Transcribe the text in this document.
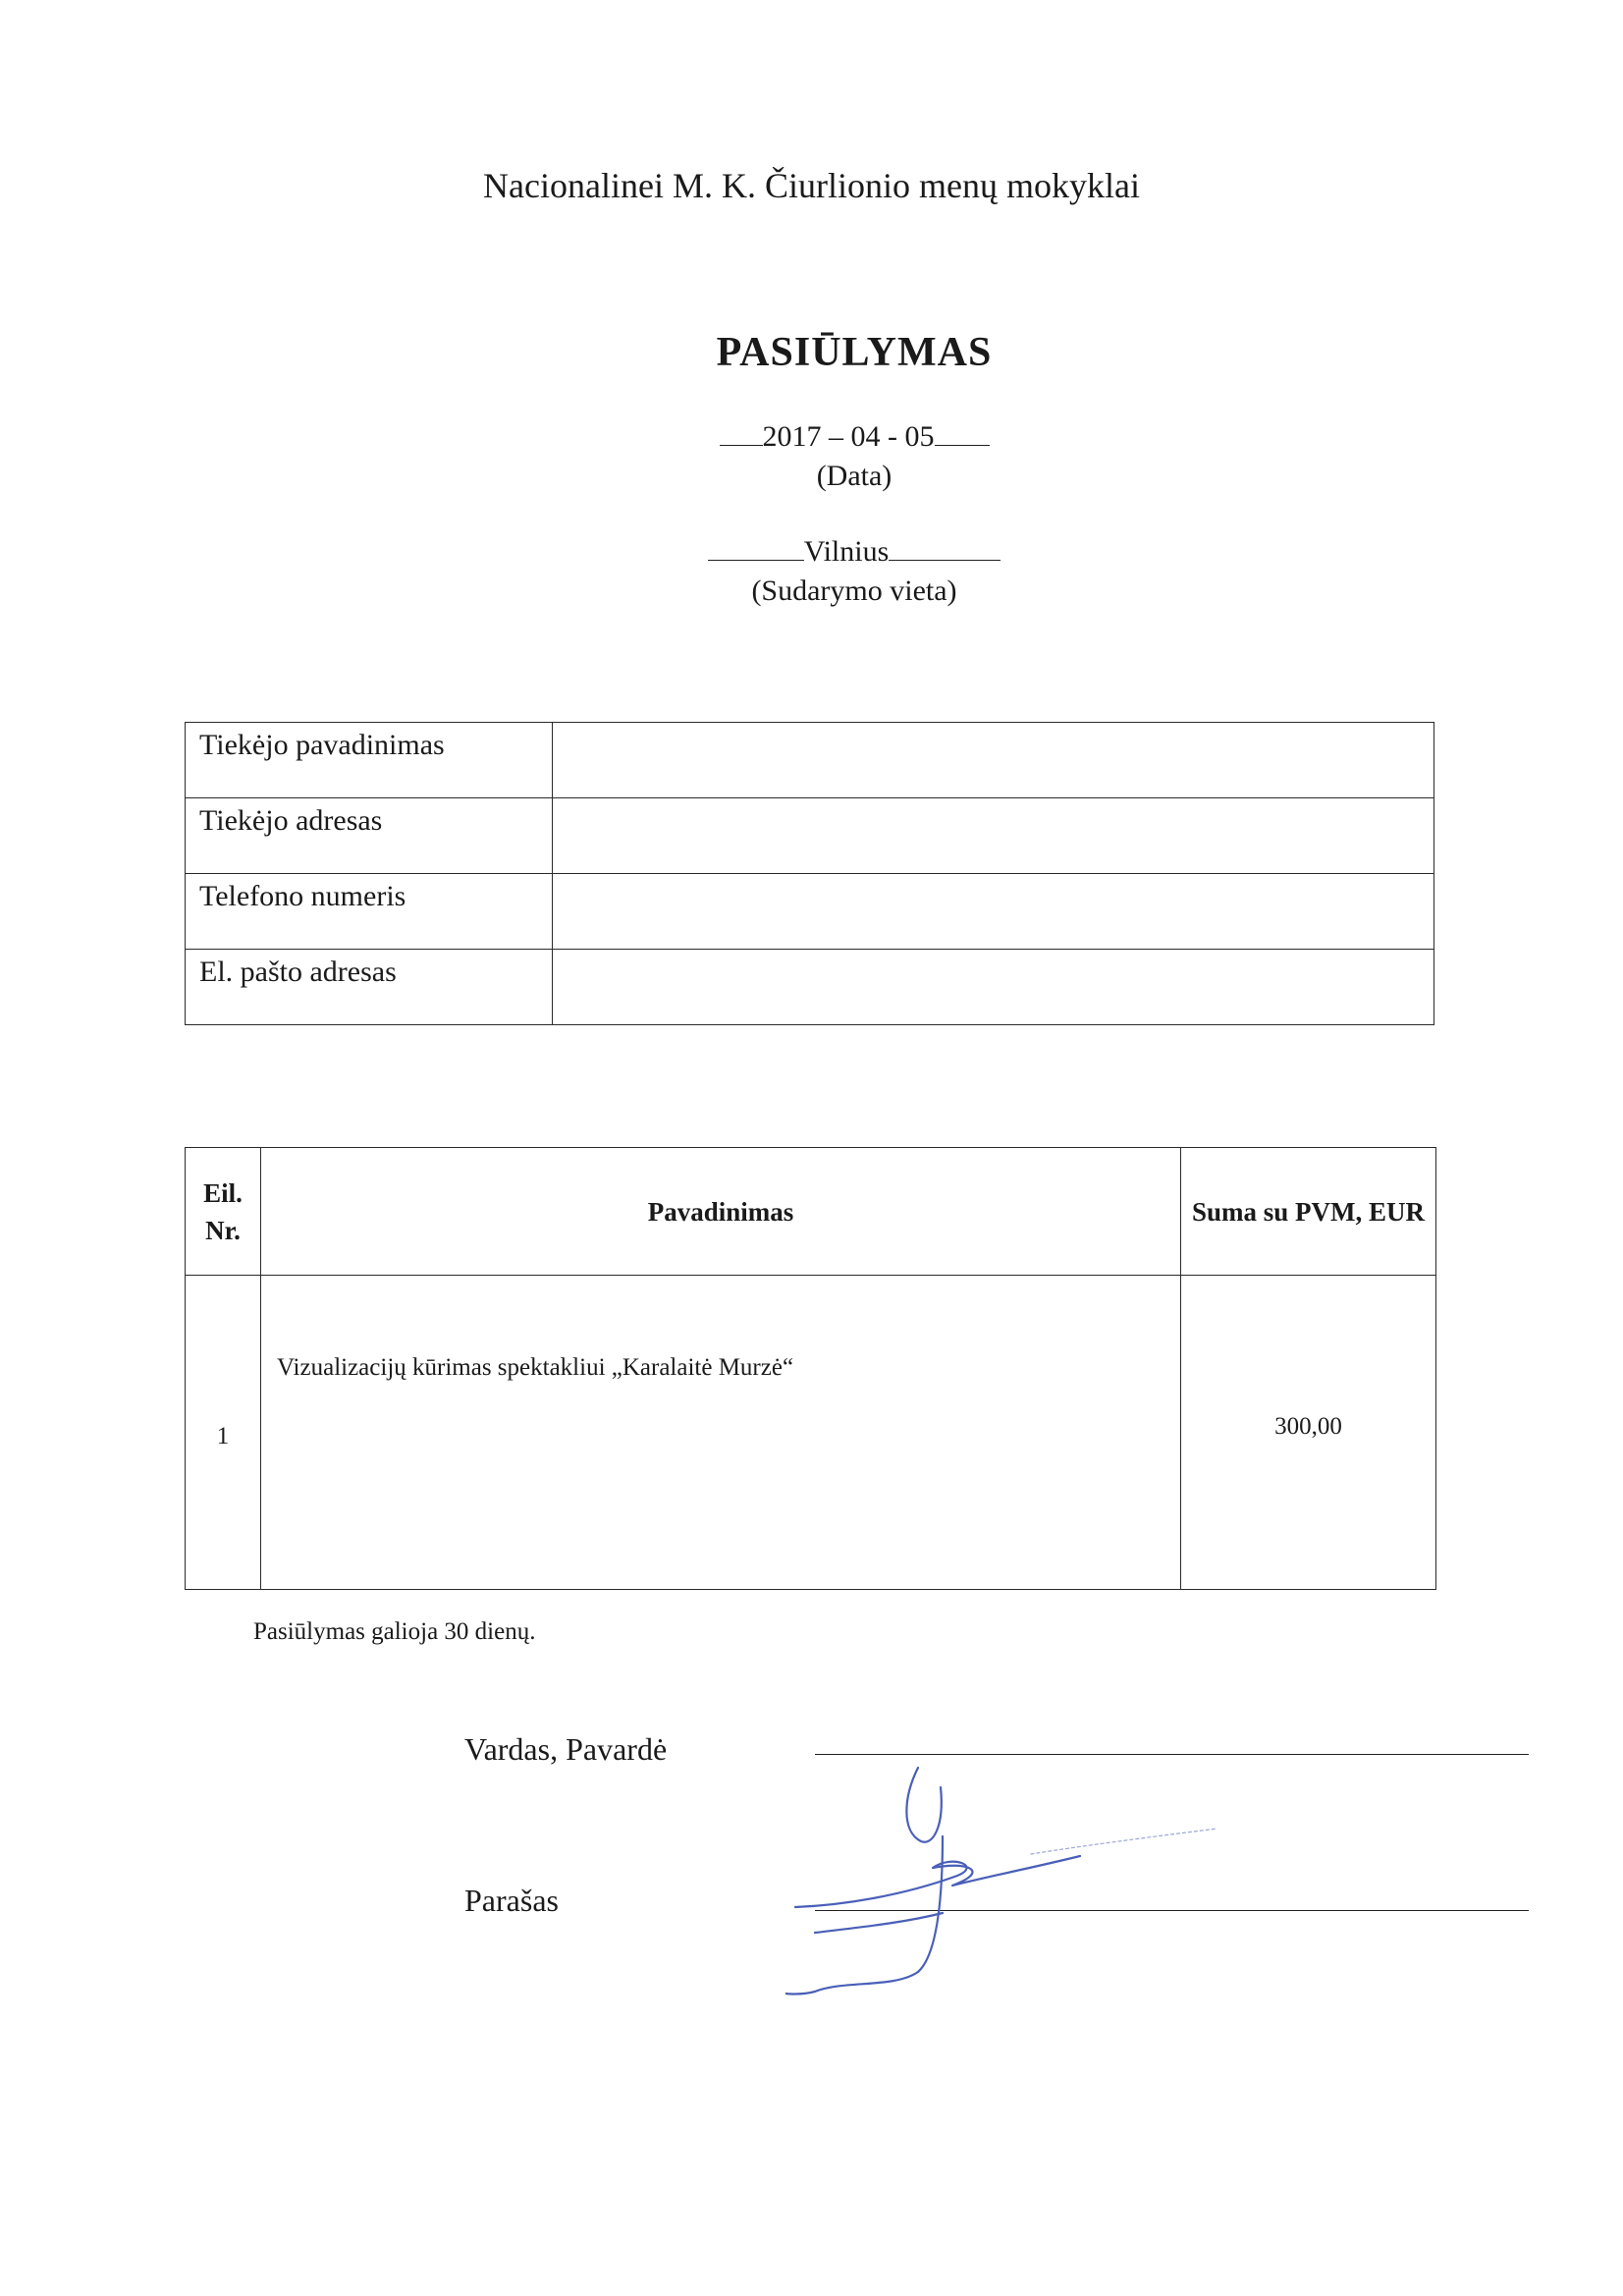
Nacionalinei M. K. Čiurlionio menų mokyklai
PASIŪLYMAS
2017 – 04 - 05
(Data)
Vilnius
(Sudarymo vieta)
Tiekėjo pavadinimas	
Tiekėjo adresas	
Telefono numeris	
El. pašto adresas	
Eil. Nr.	Pavadinimas	Suma su PVM, EUR
1	Vizualizacijų kūrimas spektakliui „Karalaitė Murzė“	300,00
Pasiūlymas galioja 30 dienų.
Vardas, Pavardė
Parašas
